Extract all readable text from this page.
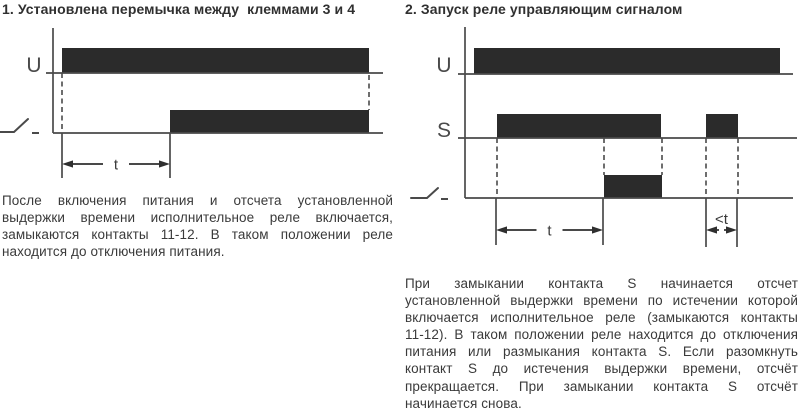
1. Установлена перемычка между  клеммами 3 и 4	2. Запуск реле управляющим сигналом
U
t
U
S
t
<t
После включения питания и отсчета установленной
выдержки времени исполнительное реле включается,
замыкаются контакты 11-12. В таком положении реле
находится до отключения питания.
При замыкании контакта S начинается отсчет
установленной выдержки времени по истечении которой
включается исполнительное реле (замыкаются контакты
11-12). В таком положении реле находится до отключения
питания или размыкания контакта S. Если разомкнуть
контакт S до истечения выдержки времени, отсчёт
прекращается. При замыкании контакта S отсчёт
начинается снова.
